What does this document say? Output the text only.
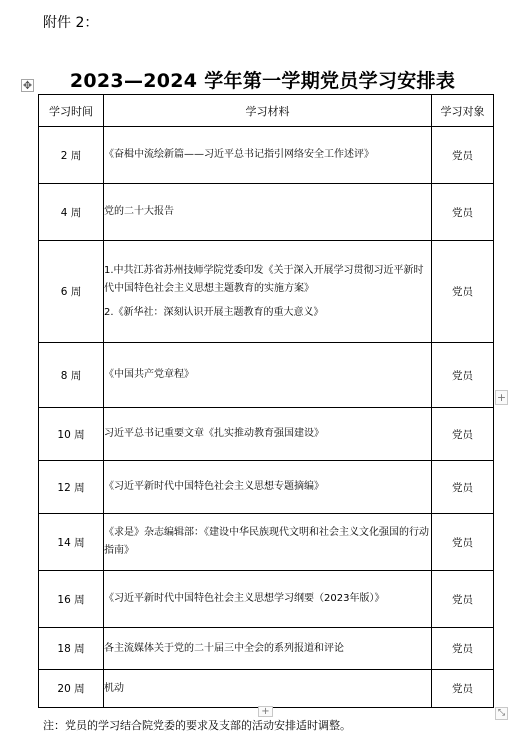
附件 2：
✥	2023—2024 学年第一学期党员学习安排表
学习时间	学习材料	学习对象
2 周	《奋楫中流绘新篇——习近平总书记指引网络安全工作述评》	党员
4 周	党的二十大报告	党员
6 周	1.中共江苏省苏州技师学院党委印发《关于深入开展学习贯彻习近平新时代中国特色社会主义思想主题教育的实施方案》

2.《新华社：深刻认识开展主题教育的重大意义》	党员
8 周	《中国共产党章程》	党员
10 周	习近平总书记重要文章《扎实推动教育强国建设》	党员
12 周	《习近平新时代中国特色社会主义思想专题摘编》	党员
14 周	《求是》杂志编辑部：《建设中华民族现代文明和社会主义文化强国的行动指南》	党员
16 周	《习近平新时代中国特色社会主义思想学习纲要（2023年版）》	党员
18 周	各主流媒体关于党的二十届三中全会的系列报道和评论	党员
20 周	机动	党员
+
+	⤡
注：党员的学习结合院党委的要求及支部的活动安排适时调整。
